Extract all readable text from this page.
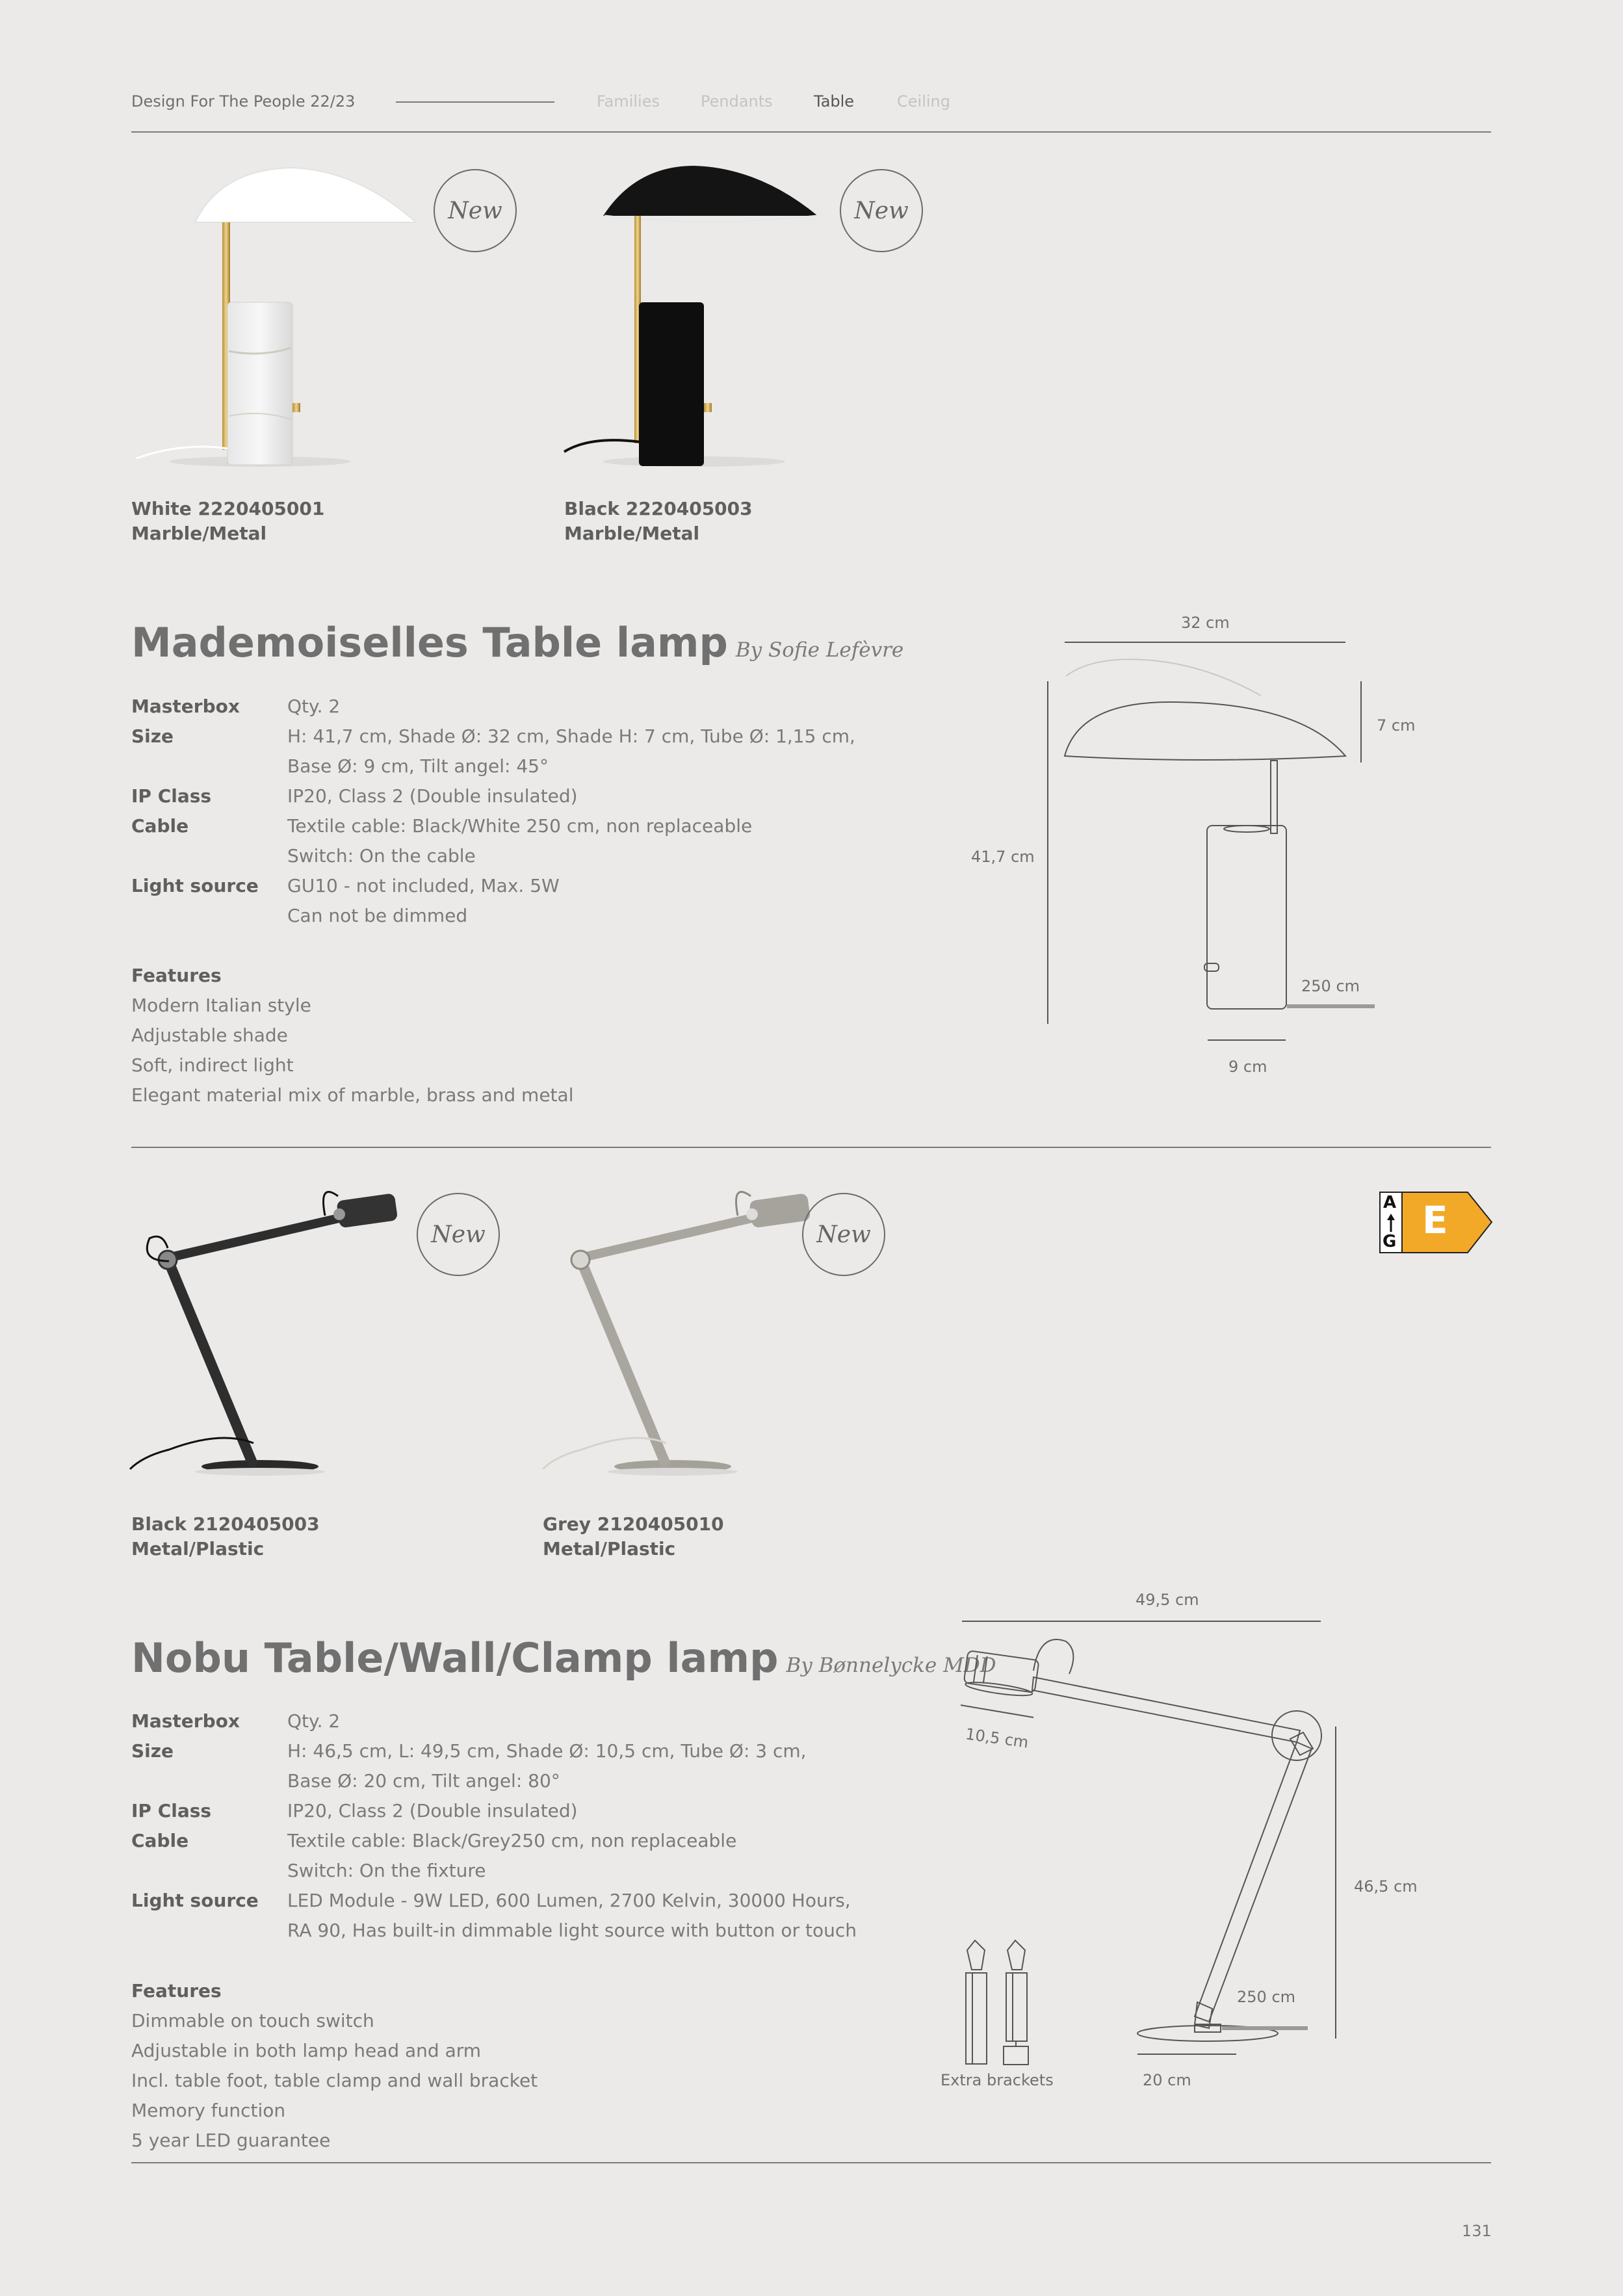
Design For The People 22/23	Families	Pendants	Table	Ceiling
New	New
White 2220405001
Marble/Metal
Black 2220405003
Marble/Metal
Mademoiselles Table lamp By Sofie Lefèvre
Masterbox	Qty. 2
Size	H: 41,7 cm, Shade Ø: 32 cm, Shade H: 7 cm, Tube Ø: 1,15 cm,
Base Ø: 9 cm, Tilt angel: 45°
IP Class	IP20, Class 2 (Double insulated)
Cable	Textile cable: Black/White 250 cm, non replaceable
Switch: On the cable
Light source	GU10 - not included, Max. 5W
Can not be dimmed
Features
Modern Italian style
Adjustable shade
Soft, indirect light
Elegant material mix of marble, brass and metal
32 cm
7 cm
41,7 cm
250 cm
9 cm
New	New
A
G E
Black 2120405003
Metal/Plastic
Grey 2120405010
Metal/Plastic
Nobu Table/Wall/Clamp lamp By Bønnelycke MDD
Masterbox	Qty. 2
Size	H: 46,5 cm, L: 49,5 cm, Shade Ø: 10,5 cm, Tube Ø: 3 cm,
Base Ø: 20 cm, Tilt angel: 80°
IP Class	IP20, Class 2 (Double insulated)
Cable	Textile cable: Black/Grey250 cm, non replaceable
Switch: On the fixture
Light source	LED Module - 9W LED, 600 Lumen, 2700 Kelvin, 30000 Hours,
RA 90, Has built-in dimmable light source with button or touch
Features
Dimmable on touch switch
Adjustable in both lamp head and arm
Incl. table foot, table clamp and wall bracket
Memory function
5 year LED guarantee
49,5 cm
10,5 cm
46,5 cm
250 cm
Extra brackets	20 cm
131
